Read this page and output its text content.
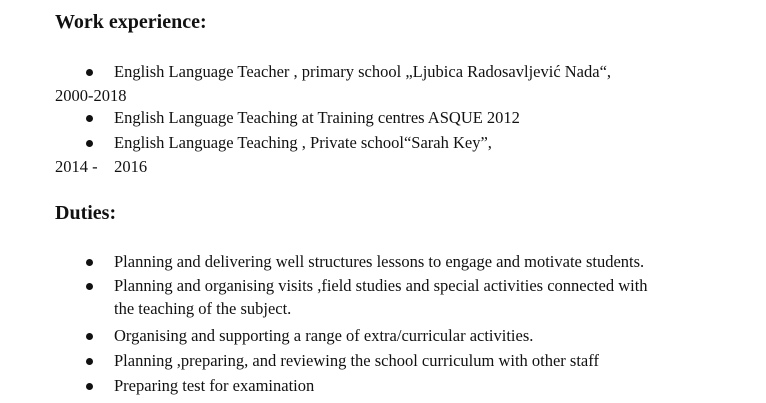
Work experience:
English Language Teacher , primary school „Ljubica Radosavljević Nada“,
2000-2018
English Language Teaching at Training centres ASQUE 2012
English Language Teaching , Private school“Sarah Key”,
2014 -    2016
Duties:
Planning and delivering well structures lessons to engage and motivate students.
Planning and organising visits ,field studies and special activities connected with
the teaching of the subject.
Organising and supporting a range of extra/curricular activities.
Planning ,preparing, and reviewing the school curriculum with other staff
Preparing test for examination
